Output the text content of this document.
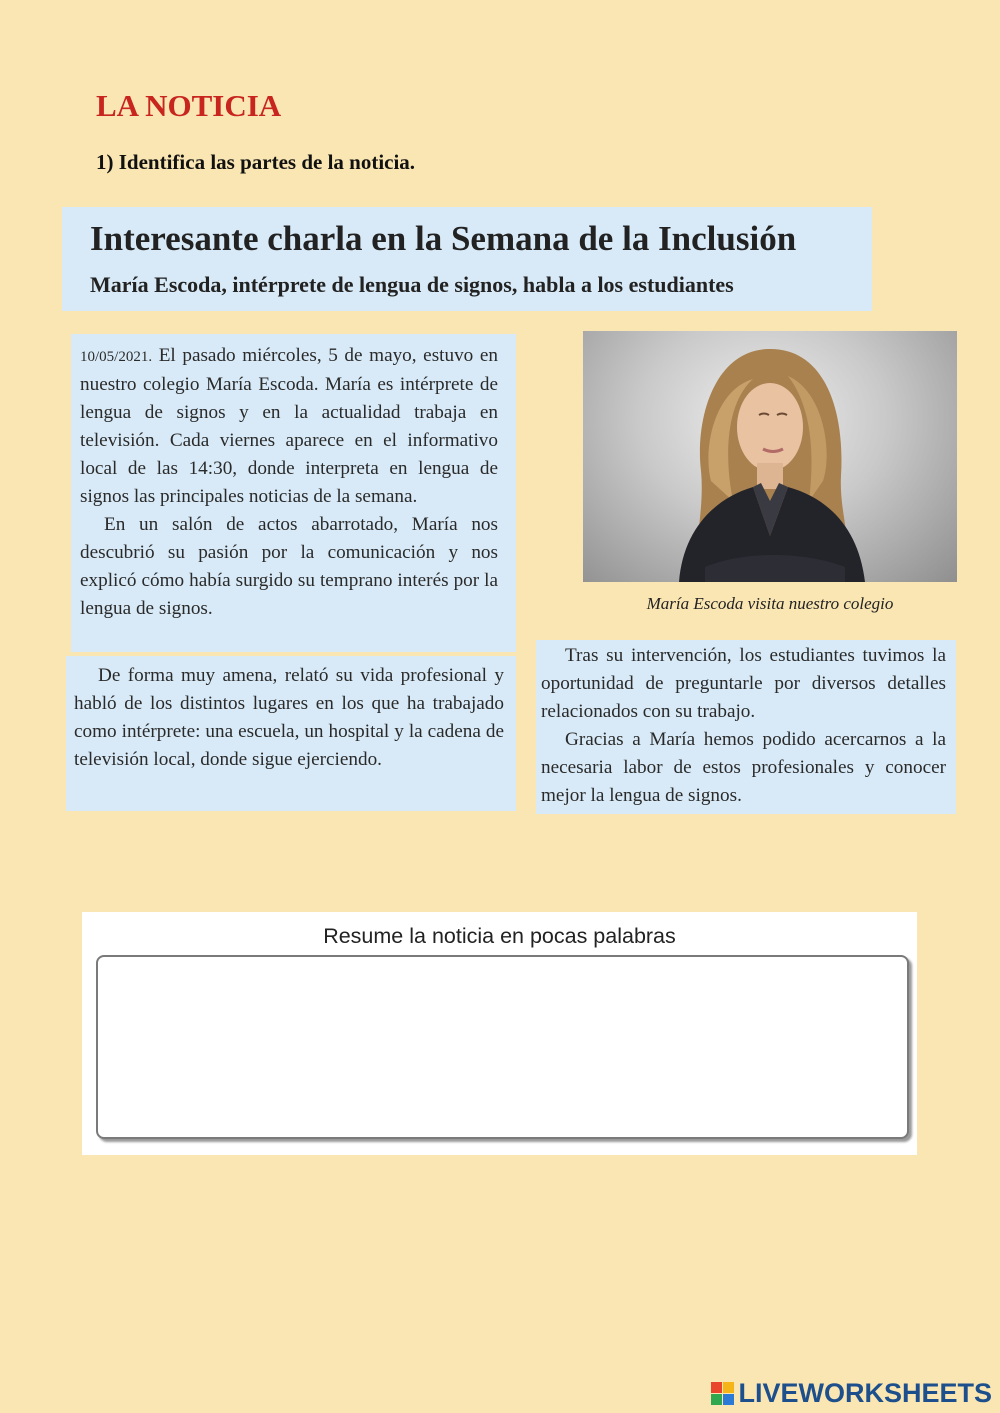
LA NOTICIA
1) Identifica las partes de la noticia.
Interesante charla en la Semana de la Inclusión
María Escoda, intérprete de lengua de signos, habla a los estudiantes

10/05/2021. El pasado miércoles, 5 de mayo, estuvo en nuestro colegio María Escoda. María es intérprete de lengua de signos y en la actualidad trabaja en televisión. Cada viernes aparece en el informativo local de las 14:30, donde interpreta en lengua de signos las principales noticias de la semana.

En un salón de actos abarrotado, María nos descubrió su pasión por la comunicación y nos explicó cómo había surgido su temprano interés por la lengua de signos.

De forma muy amena, relató su vida profesional y habló de los distintos lugares en los que ha trabajado como intérprete: una escuela, un hospital y la cadena de televisión local, donde sigue ejerciendo.

María Escoda visita nuestro colegio

Tras su intervención, los estudiantes tuvimos la oportunidad de preguntarle por diversos detalles relacionados con su trabajo.

Gracias a María hemos podido acercarnos a la necesaria labor de estos profesionales y conocer mejor la lengua de signos.

Resume la noticia en pocas palabras
LIVEWORKSHEETS
